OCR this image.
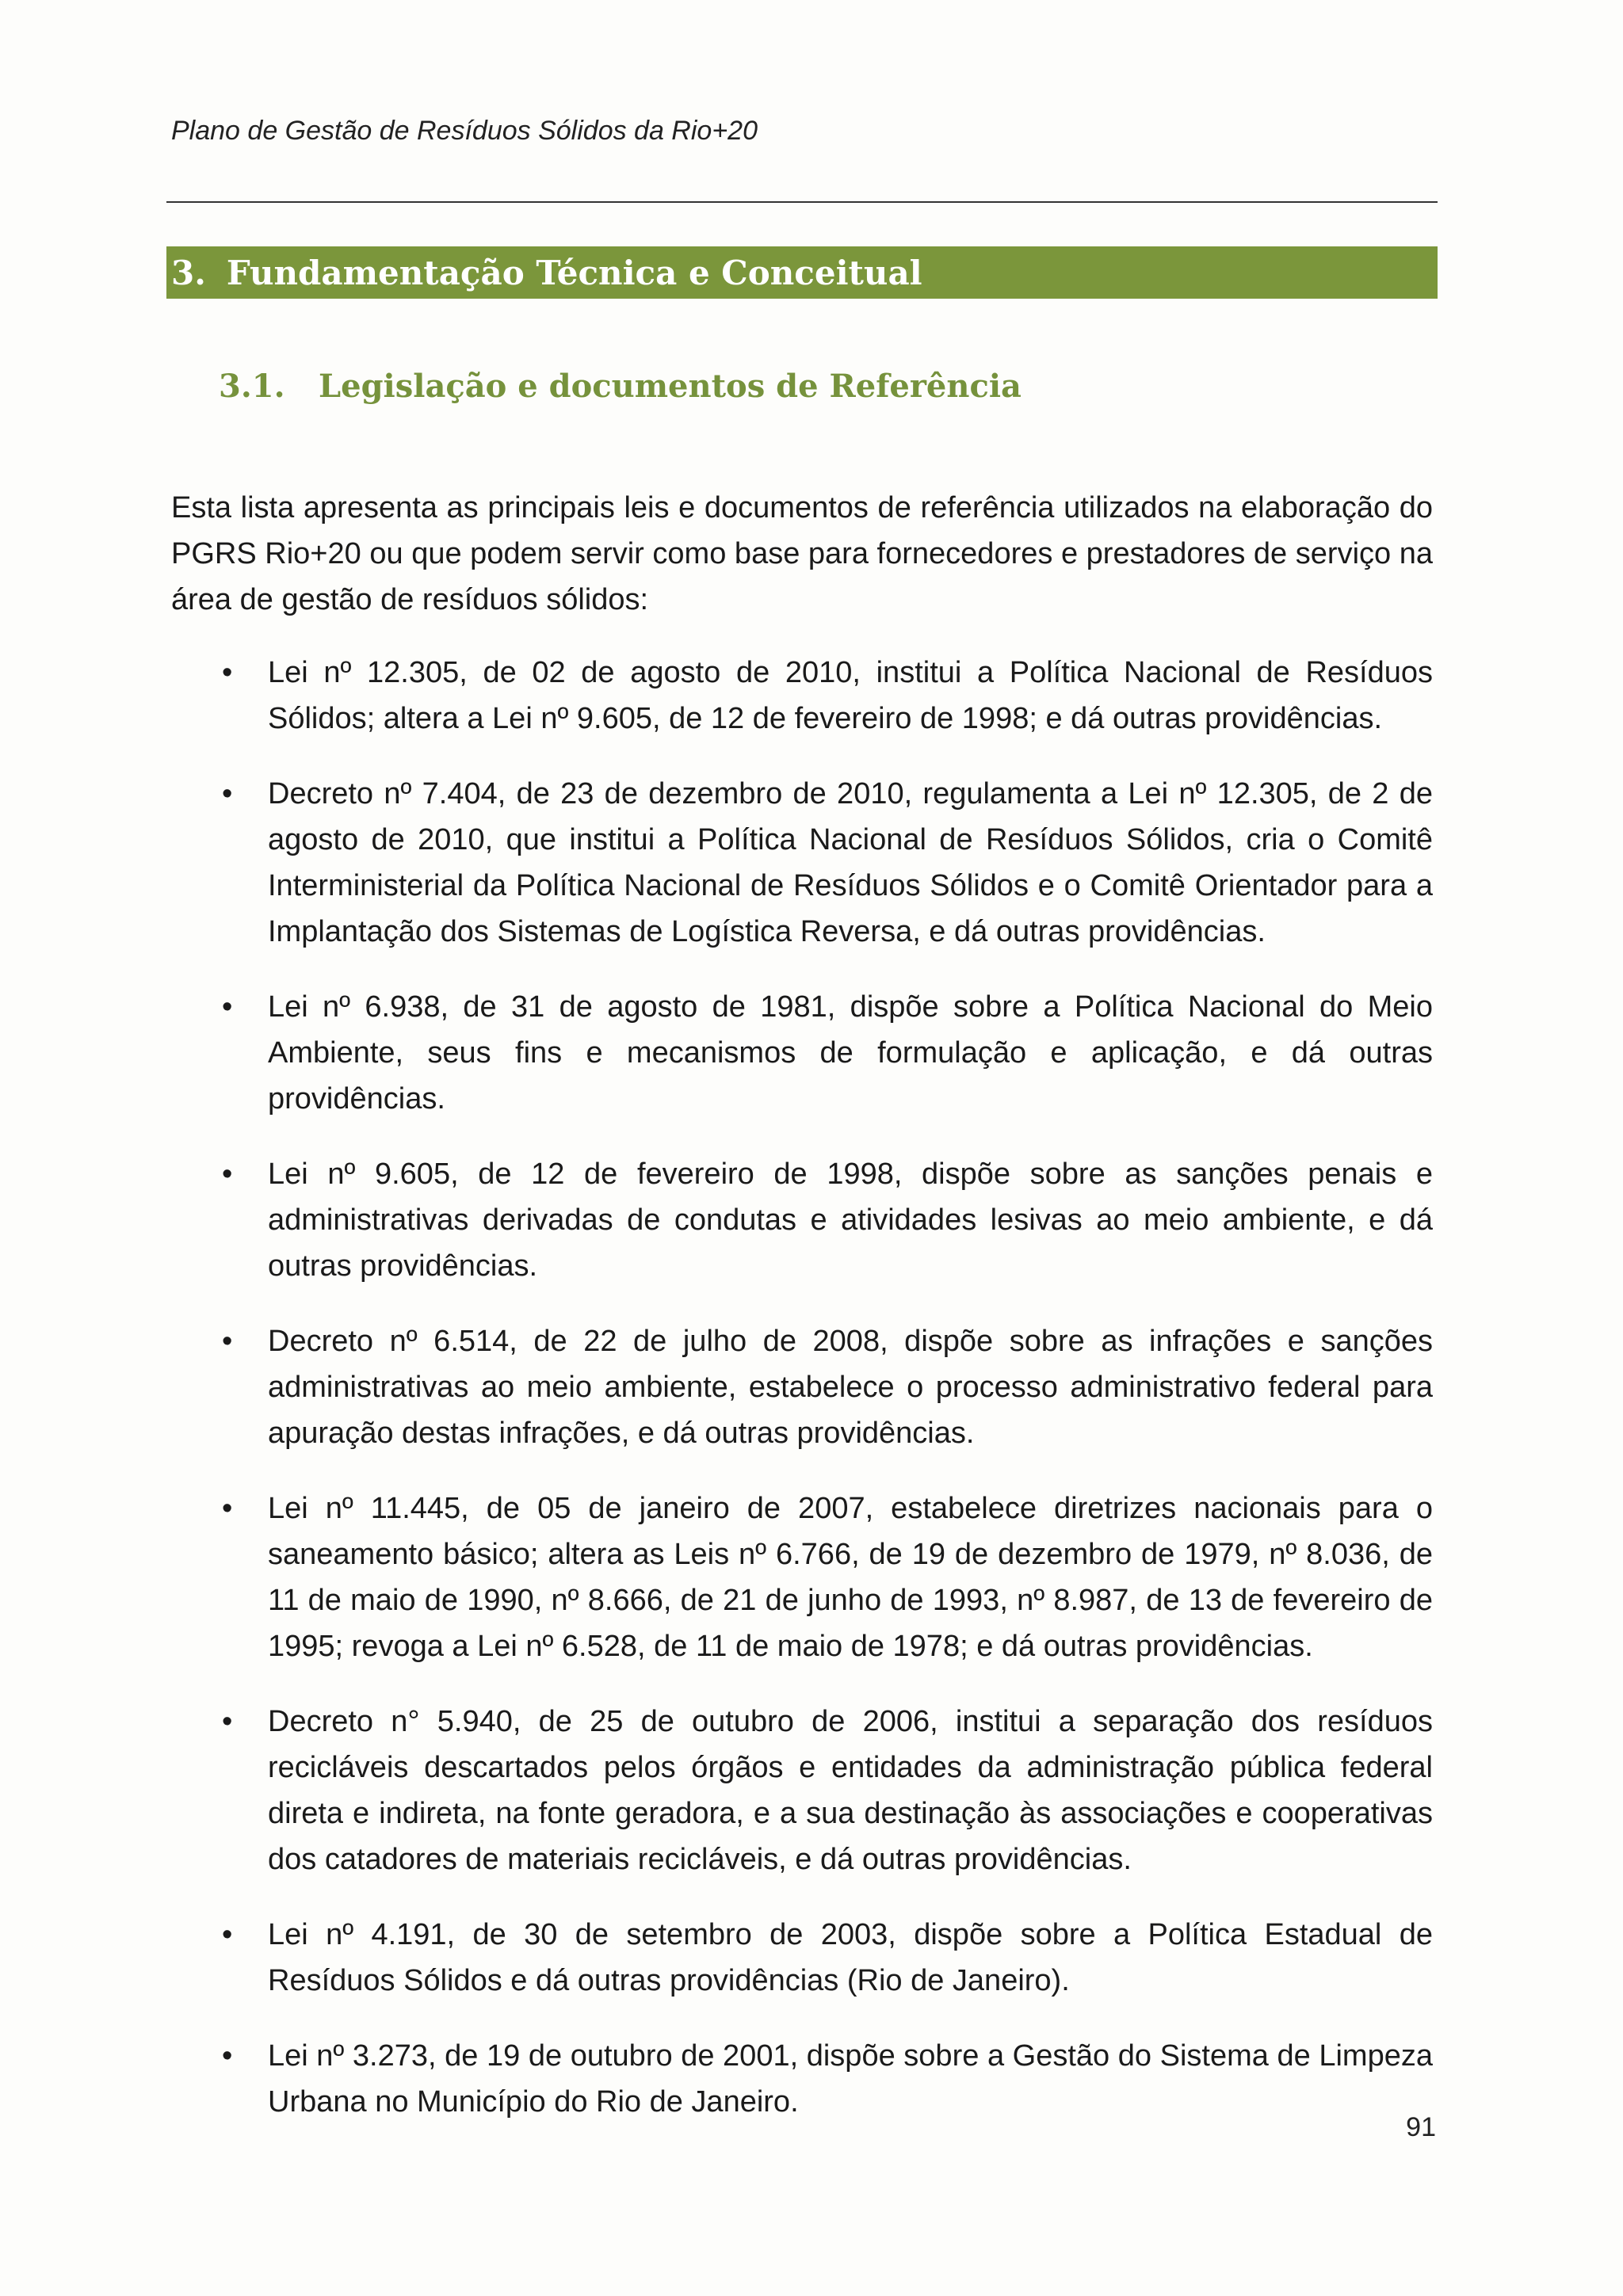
Plano de Gestão de Resíduos Sólidos da Rio+20
3. Fundamentação Técnica e Conceitual
3.1. Legislação e documentos de Referência

Esta lista apresenta as principais leis e documentos de referência utilizados na elaboração do PGRS Rio+20 ou que podem servir como base para fornecedores e prestadores de serviço na área de gestão de resíduos sólidos:

• Lei nº 12.305, de 02 de agosto de 2010, institui a Política Nacional de Resíduos Sólidos; altera a Lei nº 9.605, de 12 de fevereiro de 1998; e dá outras providências.
• Decreto nº 7.404, de 23 de dezembro de 2010, regulamenta a Lei nº 12.305, de 2 de agosto de 2010, que institui a Política Nacional de Resíduos Sólidos, cria o Comitê Interministerial da Política Nacional de Resíduos Sólidos e o Comitê Orientador para a Implantação dos Sistemas de Logística Reversa, e dá outras providências.
• Lei nº 6.938, de 31 de agosto de 1981, dispõe sobre a Política Nacional do Meio Ambiente, seus fins e mecanismos de formulação e aplicação, e dá outras providências.
• Lei nº 9.605, de 12 de fevereiro de 1998, dispõe sobre as sanções penais e administrativas derivadas de condutas e atividades lesivas ao meio ambiente, e dá outras providências.
• Decreto nº 6.514, de 22 de julho de 2008, dispõe sobre as infrações e sanções administrativas ao meio ambiente, estabelece o processo administrativo federal para apuração destas infrações, e dá outras providências.
• Lei nº 11.445, de 05 de janeiro de 2007, estabelece diretrizes nacionais para o saneamento básico; altera as Leis nº 6.766, de 19 de dezembro de 1979, nº 8.036, de 11 de maio de 1990, nº 8.666, de 21 de junho de 1993, nº 8.987, de 13 de fevereiro de 1995; revoga a Lei nº 6.528, de 11 de maio de 1978; e dá outras providências.
• Decreto n° 5.940, de 25 de outubro de 2006, institui a separação dos resíduos recicláveis descartados pelos órgãos e entidades da administração pública federal direta e indireta, na fonte geradora, e a sua destinação às associações e cooperativas dos catadores de materiais recicláveis, e dá outras providências.
• Lei nº 4.191, de 30 de setembro de 2003, dispõe sobre a Política Estadual de Resíduos Sólidos e dá outras providências (Rio de Janeiro).
• Lei nº 3.273, de 19 de outubro de 2001, dispõe sobre a Gestão do Sistema de Limpeza Urbana no Município do Rio de Janeiro.
91
